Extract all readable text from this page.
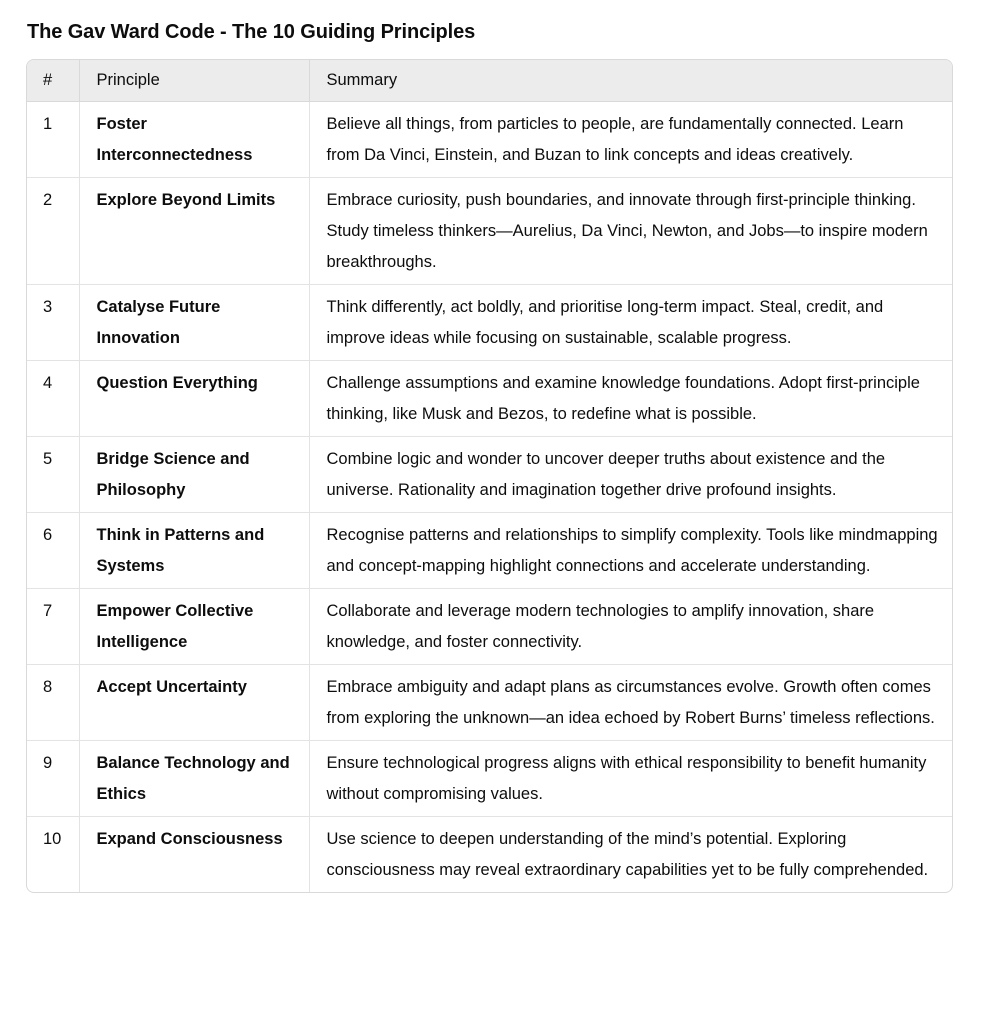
The Gav Ward Code - The 10 Guiding Principles
#	Principle	Summary
1	Foster Interconnectedness	Believe all things, from particles to people, are fundamentally connected. Learn from Da Vinci, Einstein, and Buzan to link concepts and ideas creatively.
2	Explore Beyond Limits	Embrace curiosity, push boundaries, and innovate through first-principle thinking. Study timeless thinkers—Aurelius, Da Vinci, Newton, and Jobs—to inspire modern breakthroughs.
3	Catalyse Future Innovation	Think differently, act boldly, and prioritise long-term impact. Steal, credit, and improve ideas while focusing on sustainable, scalable progress.
4	Question Everything	Challenge assumptions and examine knowledge foundations. Adopt first-principle thinking, like Musk and Bezos, to redefine what is possible.
5	Bridge Science and Philosophy	Combine logic and wonder to uncover deeper truths about existence and the universe. Rationality and imagination together drive profound insights.
6	Think in Patterns and Systems	Recognise patterns and relationships to simplify complexity. Tools like mindmapping and concept-mapping highlight connections and accelerate understanding.
7	Empower Collective Intelligence	Collaborate and leverage modern technologies to amplify innovation, share knowledge, and foster connectivity.
8	Accept Uncertainty	Embrace ambiguity and adapt plans as circumstances evolve. Growth often comes from exploring the unknown—an idea echoed by Robert Burns’ timeless reflections.
9	Balance Technology and Ethics	Ensure technological progress aligns with ethical responsibility to benefit humanity without compromising values.
10	Expand Consciousness	Use science to deepen understanding of the mind’s potential. Exploring consciousness may reveal extraordinary capabilities yet to be fully comprehended.
